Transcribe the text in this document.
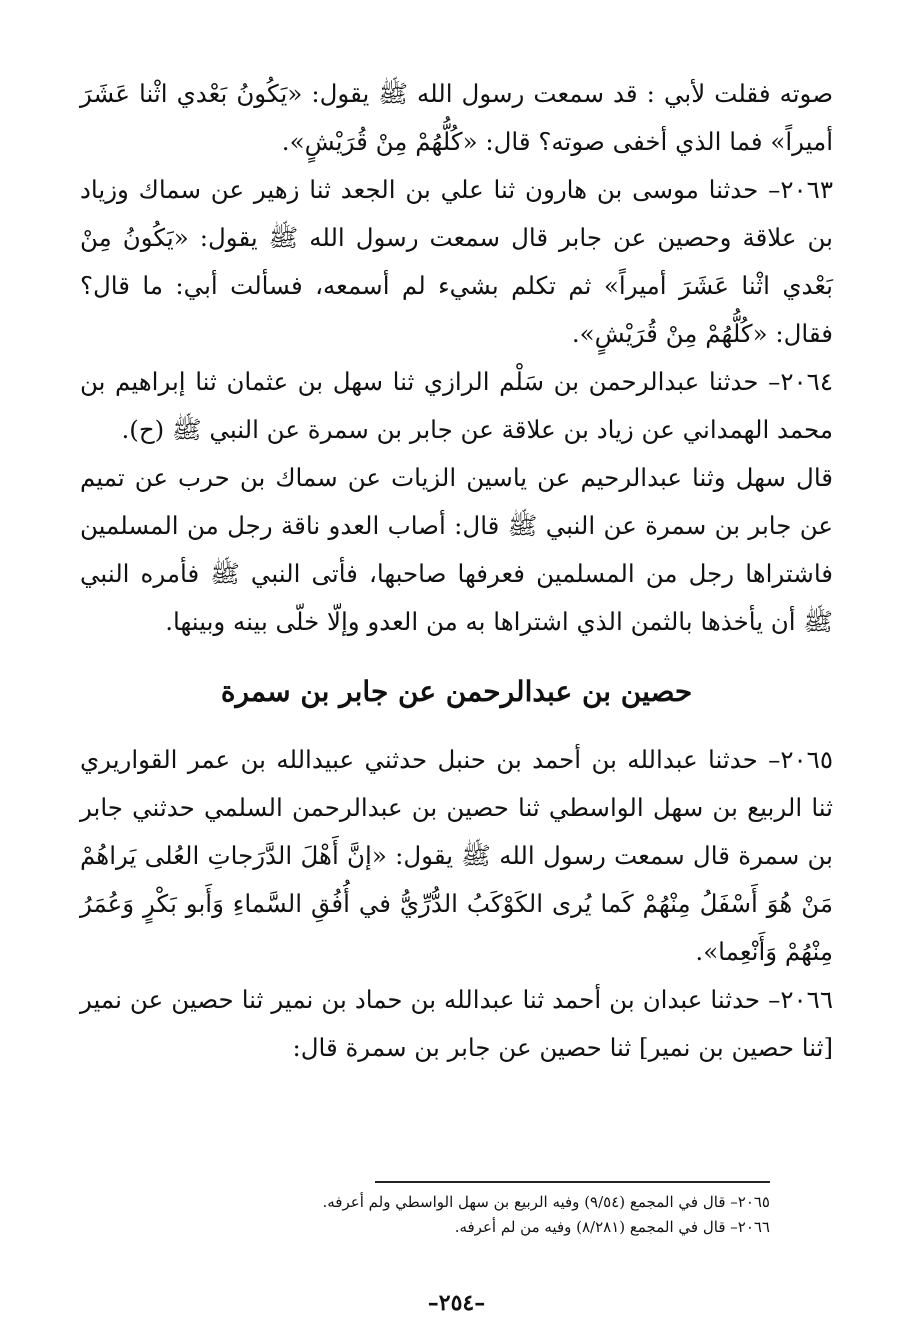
صوته فقلت لأبي : قد سمعت رسول الله ﷺ يقول: «يَكُونُ بَعْدي اثْنا عَشَرَ أميراً» فما الذي أخفى صوته؟ قال: «كُلُّهُمْ مِنْ قُرَيْشٍ».

٢٠٦٣– حدثنا موسى بن هارون ثنا علي بن الجعد ثنا زهير عن سماك وزياد بن علاقة وحصين عن جابر قال سمعت رسول الله ﷺ يقول: «يَكُونُ مِنْ بَعْدي اثْنا عَشَرَ أميراً» ثم تكلم بشيء لم أسمعه، فسألت أبي: ما قال؟ فقال: «كُلُّهُمْ مِنْ قُرَيْشٍ».

٢٠٦٤– حدثنا عبدالرحمن بن سَلْم الرازي ثنا سهل بن عثمان ثنا إبراهيم بن محمد الهمداني عن زياد بن علاقة عن جابر بن سمرة عن النبي ﷺ (ح).

قال سهل وثنا عبدالرحيم عن ياسين الزيات عن سماك بن حرب عن تميم عن جابر بن سمرة عن النبي ﷺ قال: أصاب العدو ناقة رجل من المسلمين فاشتراها رجل من المسلمين فعرفها صاحبها، فأتى النبي ﷺ فأمره النبي ﷺ أن يأخذها بالثمن الذي اشتراها به من العدو وإلّا خلّى بينه وبينها.

حصين بن عبدالرحمن عن جابر بن سمرة

٢٠٦٥– حدثنا عبدالله بن أحمد بن حنبل حدثني عبيدالله بن عمر القواريري ثنا الربيع بن سهل الواسطي ثنا حصين بن عبدالرحمن السلمي حدثني جابر بن سمرة قال سمعت رسول الله ﷺ يقول: «إنَّ أَهْلَ الدَّرَجاتِ العُلى يَراهُمْ مَنْ هُوَ أَسْفَلُ مِنْهُمْ كَما يُرى الكَوْكَبُ الدُّرِّيُّ في أُفُقِ السَّماءِ وَأَبو بَكْرٍ وَعُمَرُ مِنْهُمْ وَأَنْعِما».

٢٠٦٦– حدثنا عبدان بن أحمد ثنا عبدالله بن حماد بن نمير ثنا حصين عن نمير [ثنا حصين بن نمير] ثنا حصين عن جابر بن سمرة قال:

٢٠٦٥– قال في المجمع (٩/٥٤) وفيه الربيع بن سهل الواسطي ولم أعرفه.

٢٠٦٦– قال في المجمع (٨/٢٨١) وفيه من لم أعرفه.

–٢٥٤–
